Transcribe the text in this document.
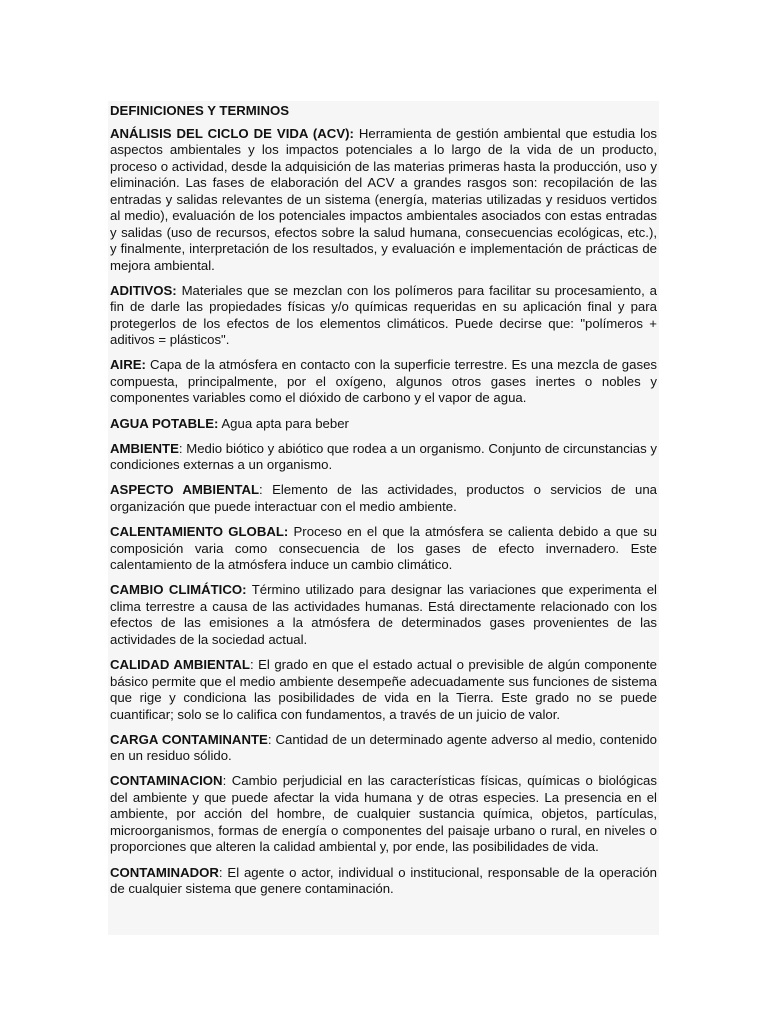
DEFINICIONES Y TERMINOS

ANÁLISIS DEL CICLO DE VIDA (ACV): Herramienta de gestión ambiental que estudia los aspectos ambientales y los impactos potenciales a lo largo de la vida de un producto, proceso o actividad, desde la adquisición de las materias primeras hasta la producción, uso y eliminación. Las fases de elaboración del ACV a grandes rasgos son: recopilación de las entradas y salidas relevantes de un sistema (energía, materias utilizadas y residuos vertidos al medio), evaluación de los potenciales impactos ambientales asociados con estas entradas y salidas (uso de recursos, efectos sobre la salud humana, consecuencias ecológicas, etc.), y finalmente, interpretación de los resultados, y evaluación e implementación de prácticas de mejora ambiental.

ADITIVOS: Materiales que se mezclan con los polímeros para facilitar su procesamiento, a fin de darle las propiedades físicas y/o químicas requeridas en su aplicación final y para protegerlos de los efectos de los elementos climáticos. Puede decirse que: "polímeros + aditivos = plásticos".

AIRE: Capa de la atmósfera en contacto con la superficie terrestre. Es una mezcla de gases compuesta, principalmente, por el oxígeno, algunos otros gases inertes o nobles y componentes variables como el dióxido de carbono y el vapor de agua.

AGUA POTABLE: Agua apta para beber

AMBIENTE: Medio biótico y abiótico que rodea a un organismo. Conjunto de circunstancias y condiciones externas a un organismo.

ASPECTO AMBIENTAL: Elemento de las actividades, productos o servicios de una organización que puede interactuar con el medio ambiente.

CALENTAMIENTO GLOBAL: Proceso en el que la atmósfera se calienta debido a que su composición varia como consecuencia de los gases de efecto invernadero. Este calentamiento de la atmósfera induce un cambio climático.

CAMBIO CLIMÁTICO: Término utilizado para designar las variaciones que experimenta el clima terrestre a causa de las actividades humanas. Está directamente relacionado con los efectos de las emisiones a la atmósfera de determinados gases provenientes de las actividades de la sociedad actual.

CALIDAD AMBIENTAL: El grado en que el estado actual o previsible de algún componente básico permite que el medio ambiente desempeñe adecuadamente sus funciones de sistema que rige y condiciona las posibilidades de vida en la Tierra. Este grado no se puede cuantificar; solo se lo califica con fundamentos, a través de un juicio de valor.

CARGA CONTAMINANTE: Cantidad de un determinado agente adverso al medio, contenido en un residuo sólido.

CONTAMINACION: Cambio perjudicial en las características físicas, químicas o biológicas del ambiente y que puede afectar la vida humana y de otras especies. La presencia en el ambiente, por acción del hombre, de cualquier sustancia química, objetos, partículas, microorganismos, formas de energía o componentes del paisaje urbano o rural, en niveles o proporciones que alteren la calidad ambiental y, por ende, las posibilidades de vida.

CONTAMINADOR: El agente o actor, individual o institucional, responsable de la operación de cualquier sistema que genere contaminación.
